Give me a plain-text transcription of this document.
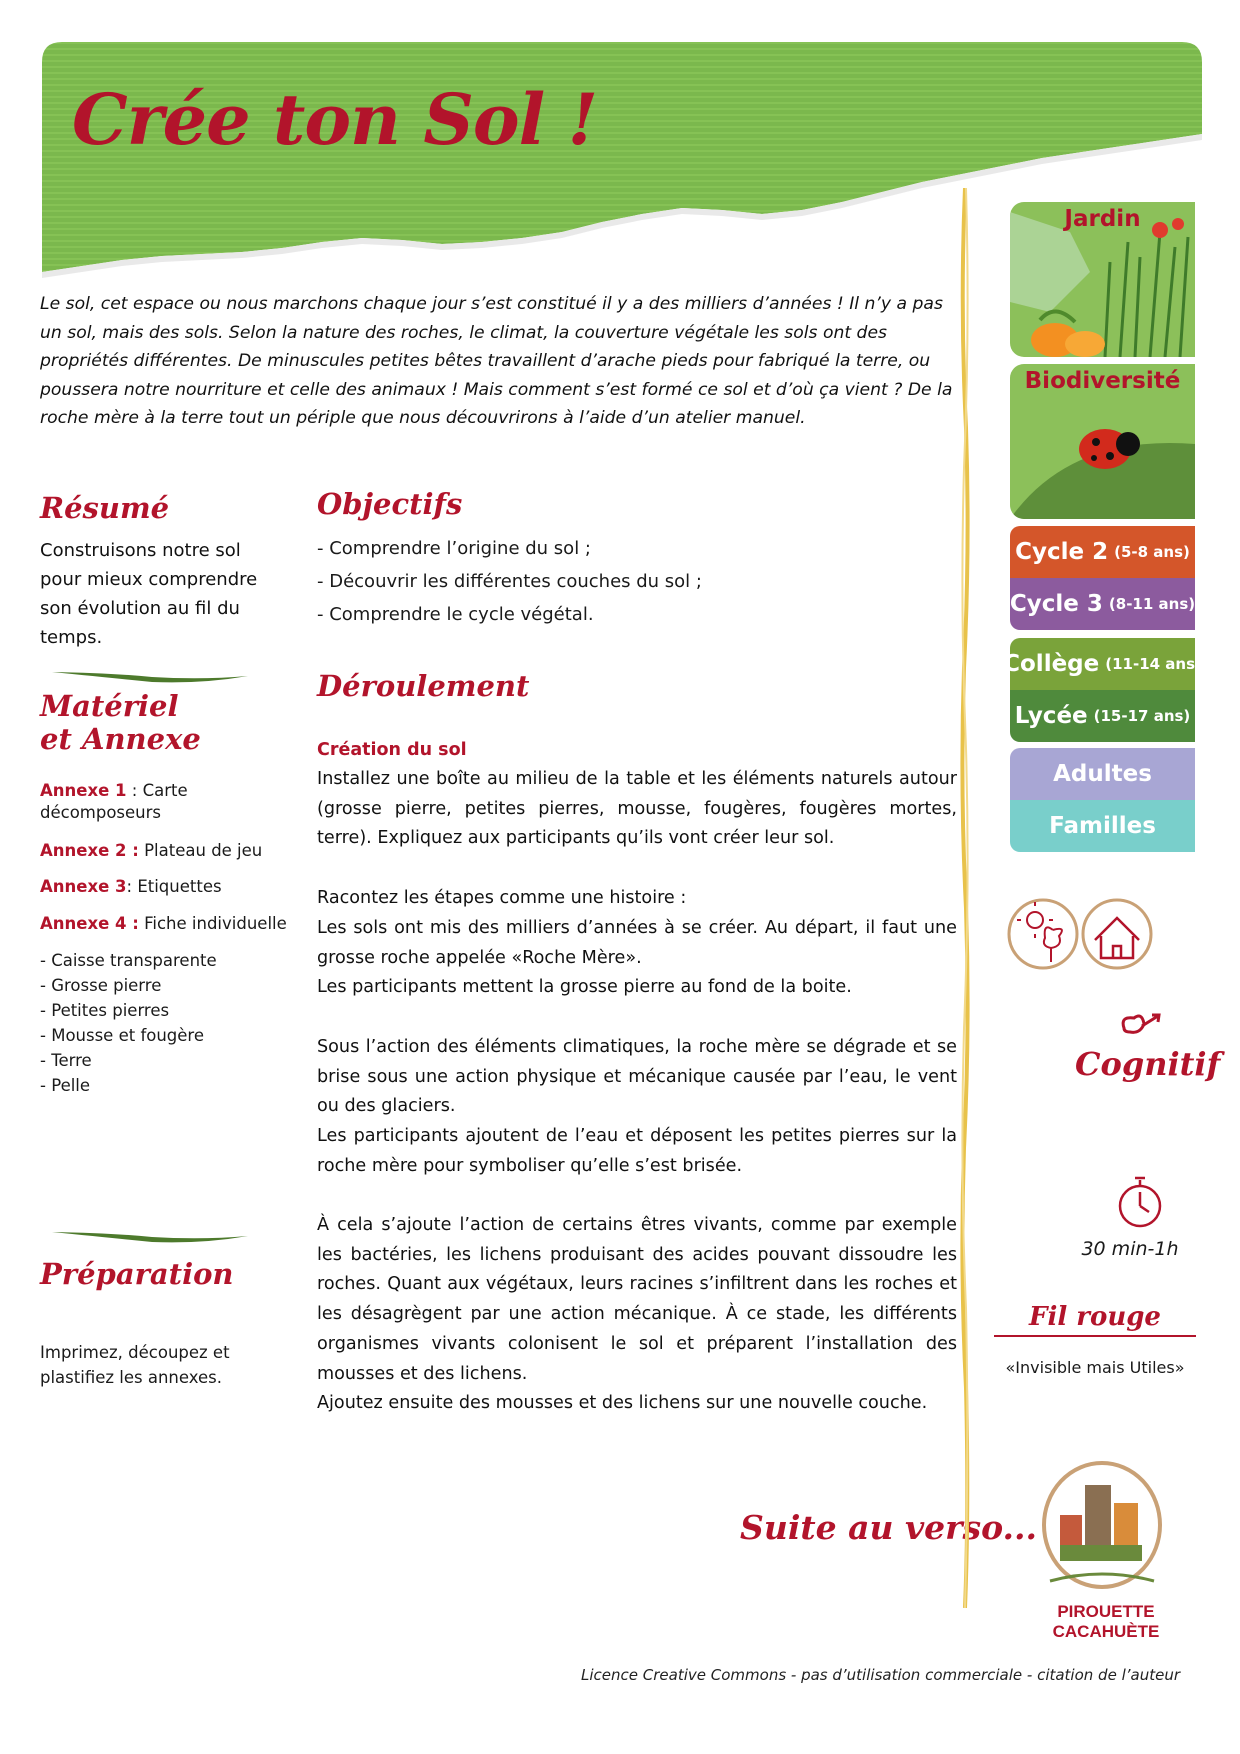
Crée ton Sol !

Le sol, cet espace ou nous marchons chaque jour s’est constitué il y a des milliers d’années ! Il n’y a pas un sol, mais des sols. Selon la nature des roches, le climat, la couverture végétale les sols ont des propriétés différentes. De minuscules petites bêtes travaillent d’arache pieds pour fabriqué la terre, ou poussera notre nourriture et celle des animaux ! Mais comment s’est formé ce sol et d’où ça vient ? De la roche mère à la terre tout un périple que nous découvrirons à l’aide d’un atelier manuel.

Résumé

Construisons notre sol pour mieux comprendre son évolution au fil du temps.

Matériel
et Annexe

Annexe 1 : Carte décomposeurs

Annexe 2 : Plateau de jeu

Annexe 3: Etiquettes

Annexe 4 : Fiche individuelle

- Caisse transparente
- Grosse pierre
- Petites pierres
- Mousse et fougère
- Terre
- Pelle
Préparation

Imprimez, découpez et plastifiez les annexes.

Objectifs
- Comprendre l’origine du sol ;
- Découvrir les différentes couches du sol ;
- Comprendre le cycle végétal.
Déroulement

Création du sol

Installez une boîte au milieu de la table et les éléments naturels autour (grosse pierre, petites pierres, mousse, fougères, fougères mortes, terre). Expliquez aux participants qu’ils vont créer leur sol.

Racontez les étapes comme une histoire :

Les sols ont mis des milliers d’années à se créer. Au départ, il faut une grosse roche appelée «Roche Mère».

Les participants mettent la grosse pierre au fond de la boite.

Sous l’action des éléments climatiques, la roche mère se dégrade et se brise sous une action physique et mécanique causée par l’eau, le vent ou des glaciers.

Les participants ajoutent de l’eau et déposent les petites pierres sur la roche mère pour symboliser qu’elle s’est brisée.

À cela s’ajoute l’action de certains êtres vivants, comme par exemple les bactéries, les lichens produisant des acides pouvant dissoudre les roches. Quant aux végétaux, leurs racines s’infiltrent dans les roches et les désagrègent par une action mécanique. À ce stade, les différents organismes vivants colonisent le sol et préparent l’installation des mousses et des lichens.

Ajoutez ensuite des mousses et des lichens sur une nouvelle couche.

Suite au verso...

Jardin
Biodiversité
Cycle 2 (5-8 ans)
Cycle 3 (8-11 ans)
Collège (11-14 ans)
Lycée (15-17 ans)
Adultes
Familles

Cognitif

30 min-1h

Fil rouge

«Invisible mais Utiles»

PIROUETTE
CACAHUÈTE

Licence Creative Commons - pas d’utilisation commerciale - citation de l’auteur
